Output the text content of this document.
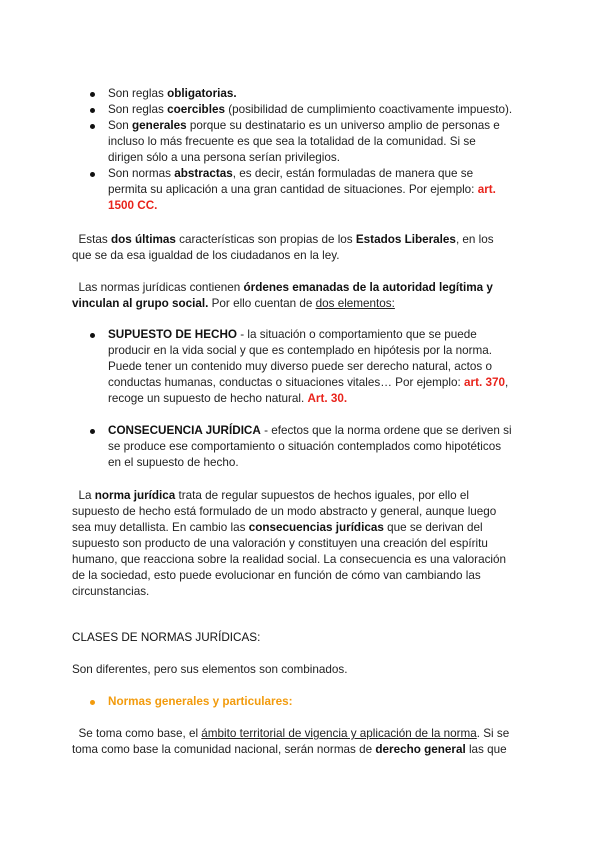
Son reglas obligatorias.
Son reglas coercibles (posibilidad de cumplimiento coactivamente impuesto).
Son generales porque su destinatario es un universo amplio de personas e
incluso lo más frecuente es que sea la totalidad de la comunidad. Si se
dirigen sólo a una persona serían privilegios.
Son normas abstractas, es decir, están formuladas de manera que se
permita su aplicación a una gran cantidad de situaciones. Por ejemplo: art.
1500 CC.
Estas dos últimas características son propias de los Estados Liberales, en los
que se da esa igualdad de los ciudadanos en la ley.
Las normas jurídicas contienen órdenes emanadas de la autoridad legítima y
vinculan al grupo social. Por ello cuentan de dos elementos:
SUPUESTO DE HECHO - la situación o comportamiento que se puede
producir en la vida social y que es contemplado en hipótesis por la norma.
Puede tener un contenido muy diverso puede ser derecho natural, actos o
conductas humanas, conductas o situaciones vitales… Por ejemplo: art. 370,
recoge un supuesto de hecho natural. Art. 30.
CONSECUENCIA JURÍDICA - efectos que la norma ordene que se deriven si
se produce ese comportamiento o situación contemplados como hipotéticos
en el supuesto de hecho.
La norma jurídica trata de regular supuestos de hechos iguales, por ello el
supuesto de hecho está formulado de un modo abstracto y general, aunque luego
sea muy detallista. En cambio las consecuencias jurídicas que se derivan del
supuesto son producto de una valoración y constituyen una creación del espíritu
humano, que reacciona sobre la realidad social. La consecuencia es una valoración
de la sociedad, esto puede evolucionar en función de cómo van cambiando las
circunstancias.
CLASES DE NORMAS JURÍDICAS:
Son diferentes, pero sus elementos son combinados.
Normas generales y particulares:
Se toma como base, el ámbito territorial de vigencia y aplicación de la norma. Si se
toma como base la comunidad nacional, serán normas de derecho general las que
